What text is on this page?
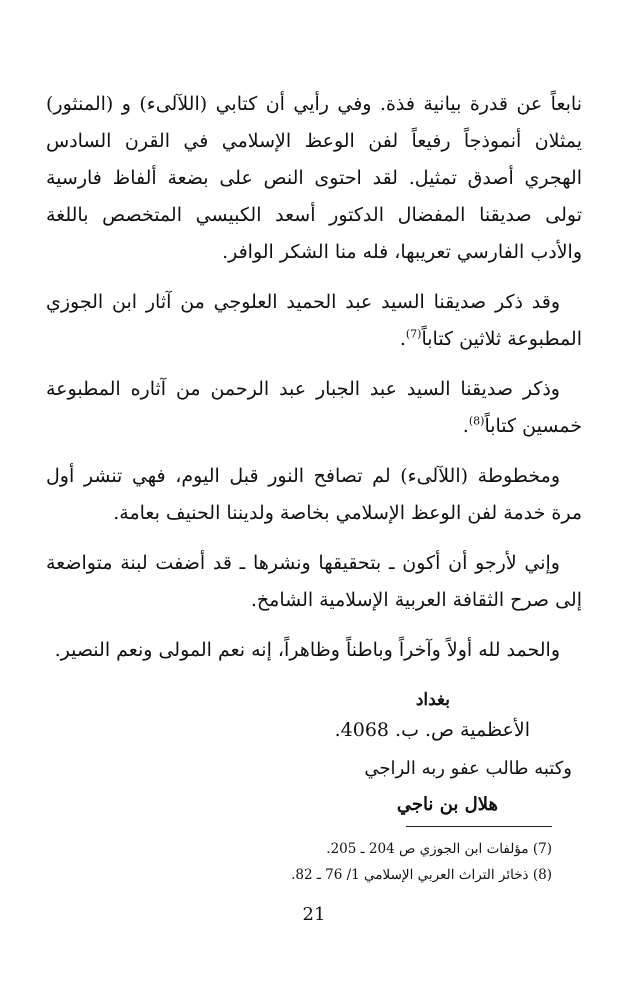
نابعاً عن قدرة بيانية فذة. وفي رأيي أن كتابي (اللآلىء) و (المنثور) يمثلان أنموذجاً رفيعاً لفن الوعظ الإسلامي في القرن السادس الهجري أصدق تمثيل. لقد احتوى النص على بضعة ألفاظ فارسية تولى صديقنا المفضال الدكتور أسعد الكبيسي المتخصص باللغة والأدب الفارسي تعريبها، فله منا الشكر الوافر.

وقد ذكر صديقنا السيد عبد الحميد العلوجي من آثار ابن الجوزي المطبوعة ثلاثين كتاباً$^{(7)}$.

وذكر صديقنا السيد عبد الجبار عبد الرحمن من آثاره المطبوعة خمسين كتاباً$^{(8)}$.

ومخطوطة (اللآلىء) لم تصافح النور قبل اليوم، فهي تنشر أول مرة خدمة لفن الوعظ الإسلامي بخاصة ولديننا الحنيف بعامة.

وإني لأرجو أن أكون ـ بتحقيقها ونشرها ـ قد أضفت لبنة متواضعة إلى صرح الثقافة العربية الإسلامية الشامخ.

والحمد لله أولاً وآخراً وباطناً وظاهراً، إنه نعم المولى ونعم النصير.

بغداد
الأعظمية ص. ب. 4068.
وكتبه طالب عفو ربه الراجي
هلال بن ناجي
(7) مؤلفات ابن الجوزي ص 204 ـ 205.
(8) ذخائر التراث العربي الإسلامي 1/ 76 ـ 82.
21
